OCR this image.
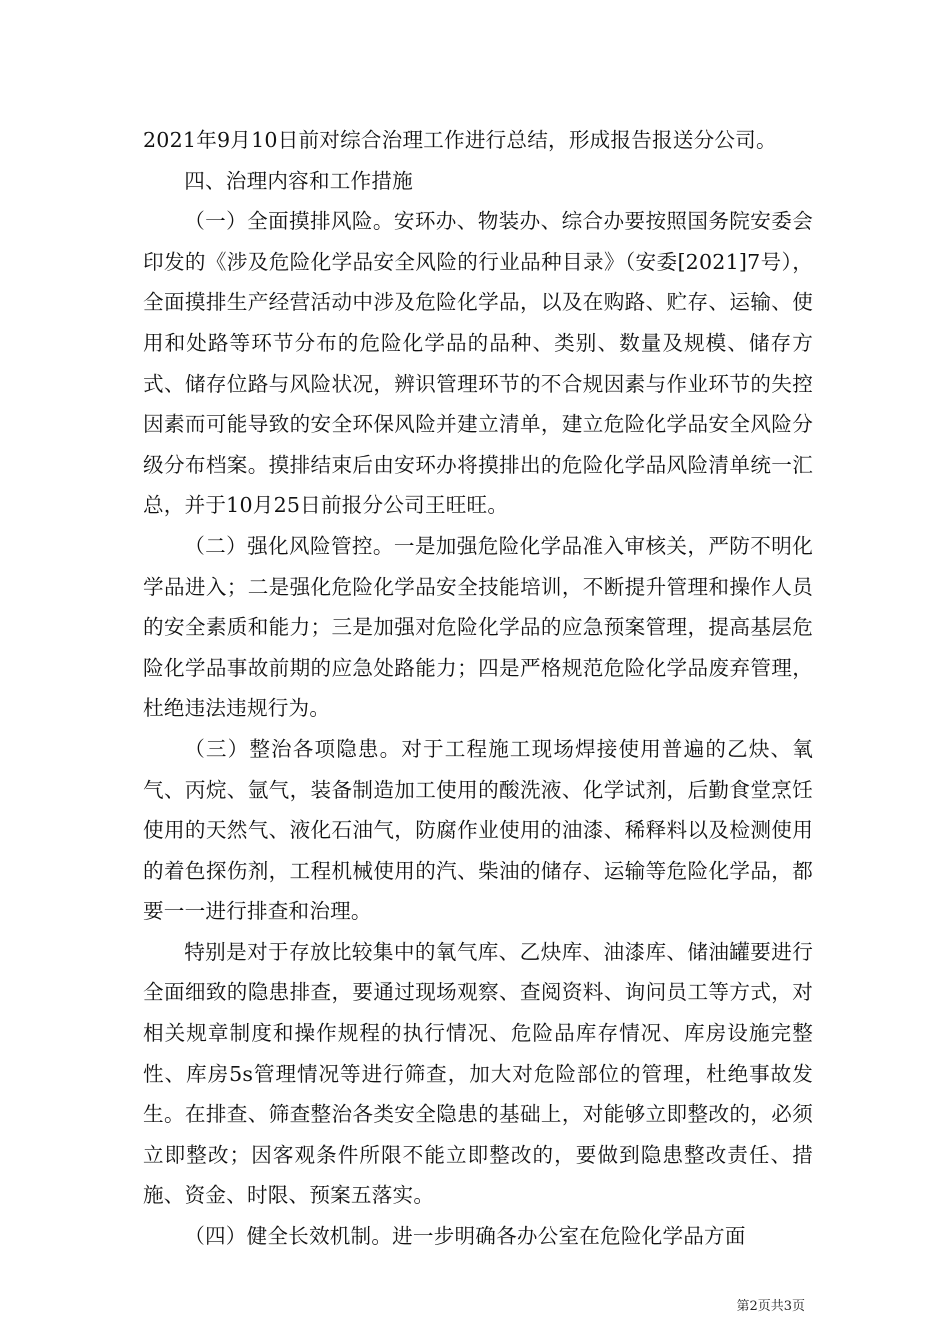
2021年9月10日前对综合治理工作进行总结，形成报告报送分公司。

四、治理内容和工作措施

（一）全面摸排风险。安环办、物装办、综合办要按照国务院安委会印发的《涉及危险化学品安全风险的行业品种目录》（安委[2021]7号），全面摸排生产经营活动中涉及危险化学品，以及在购路、贮存、运输、使用和处路等环节分布的危险化学品的品种、类别、数量及规模、储存方式、储存位路与风险状况，辨识管理环节的不合规因素与作业环节的失控因素而可能导致的安全环保风险并建立清单，建立危险化学品安全风险分级分布档案。摸排结束后由安环办将摸排出的危险化学品风险清单统一汇总，并于10月25日前报分公司王旺旺。

（二）强化风险管控。一是加强危险化学品准入审核关，严防不明化学品进入；二是强化危险化学品安全技能培训，不断提升管理和操作人员的安全素质和能力；三是加强对危险化学品的应急预案管理，提高基层危险化学品事故前期的应急处路能力；四是严格规范危险化学品废弃管理，杜绝违法违规行为。

（三）整治各项隐患。对于工程施工现场焊接使用普遍的乙炔、氧气、丙烷、氩气，装备制造加工使用的酸洗液、化学试剂，后勤食堂烹饪使用的天然气、液化石油气，防腐作业使用的油漆、稀释料以及检测使用的着色探伤剂，工程机械使用的汽、柴油的储存、运输等危险化学品，都要一一进行排查和治理。

特别是对于存放比较集中的氧气库、乙炔库、油漆库、储油罐要进行全面细致的隐患排查，要通过现场观察、查阅资料、询问员工等方式，对相关规章制度和操作规程的执行情况、危险品库存情况、库房设施完整性、库房5s管理情况等进行筛查，加大对危险部位的管理，杜绝事故发生。在排查、筛查整治各类安全隐患的基础上，对能够立即整改的，必须立即整改；因客观条件所限不能立即整改的，要做到隐患整改责任、措施、资金、时限、预案五落实。

（四）健全长效机制。进一步明确各办公室在危险化学品方面

第2页共3页
